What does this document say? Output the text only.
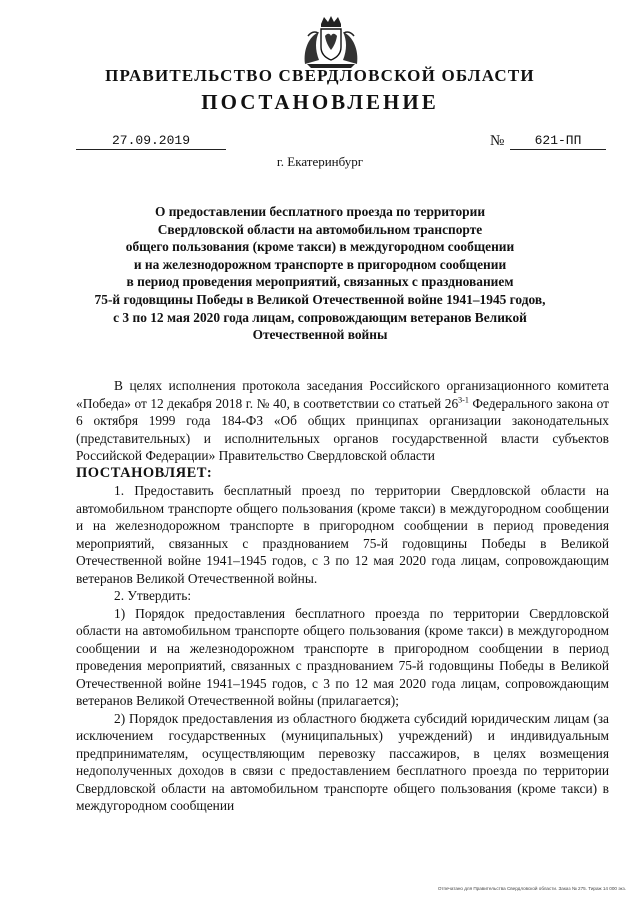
ПРАВИТЕЛЬСТВО СВЕРДЛОВСКОЙ ОБЛАСТИ
ПОСТАНОВЛЕНИЕ
27.09.2019	№	621-ПП
г. Екатеринбург
О предоставлении бесплатного проезда по территории
Свердловской области на автомобильном транспорте
общего пользования (кроме такси) в междугородном сообщении
и на железнодорожном транспорте в пригородном сообщении
в период проведения мероприятий, связанных с празднованием
75-й годовщины Победы в Великой Отечественной войне 1941–1945 годов,
с 3 по 12 мая 2020 года лицам, сопровождающим ветеранов Великой
Отечественной войны

В целях исполнения протокола заседания Российского организационного комитета «Победа» от 12 декабря 2018 г. № 40, в соответствии со статьей 26$^{3-1}$ Федерального закона от 6 октября 1999 года 184-ФЗ «Об общих принципах организации законодательных (представительных) и исполнительных органов государственной власти субъектов Российской Федерации» Правительство Свердловской области

ПОСТАНОВЛЯЕТ:

1. Предоставить бесплатный проезд по территории Свердловской области на автомобильном транспорте общего пользования (кроме такси) в междугородном сообщении и на железнодорожном транспорте в пригородном сообщении в период проведения мероприятий, связанных с празднованием 75-й годовщины Победы в Великой Отечественной войне 1941–1945 годов, с 3 по 12 мая 2020 года лицам, сопровождающим ветеранов Великой Отечественной войны.

2. Утвердить:

1) Порядок предоставления бесплатного проезда по территории Свердловской области на автомобильном транспорте общего пользования (кроме такси) в междугородном сообщении и на железнодорожном транспорте в пригородном сообщении в период проведения мероприятий, связанных с празднованием 75-й годовщины Победы в Великой Отечественной войне 1941–1945 годов, с 3 по 12 мая 2020 года лицам, сопровождающим ветеранов Великой Отечественной войны (прилагается);

2) Порядок предоставления из областного бюджета субсидий юридическим лицам (за исключением государственных (муниципальных) учреждений) и индивидуальным предпринимателям, осуществляющим перевозку пассажиров, в целях возмещения недополученных доходов в связи с предоставлением бесплатного проезда по территории Свердловской области на автомобильном транспорте общего пользования (кроме такси) в междугородном сообщении

Отпечатано для Правительства Свердловской области. Заказ № 275. Тираж 14 000 экз.
